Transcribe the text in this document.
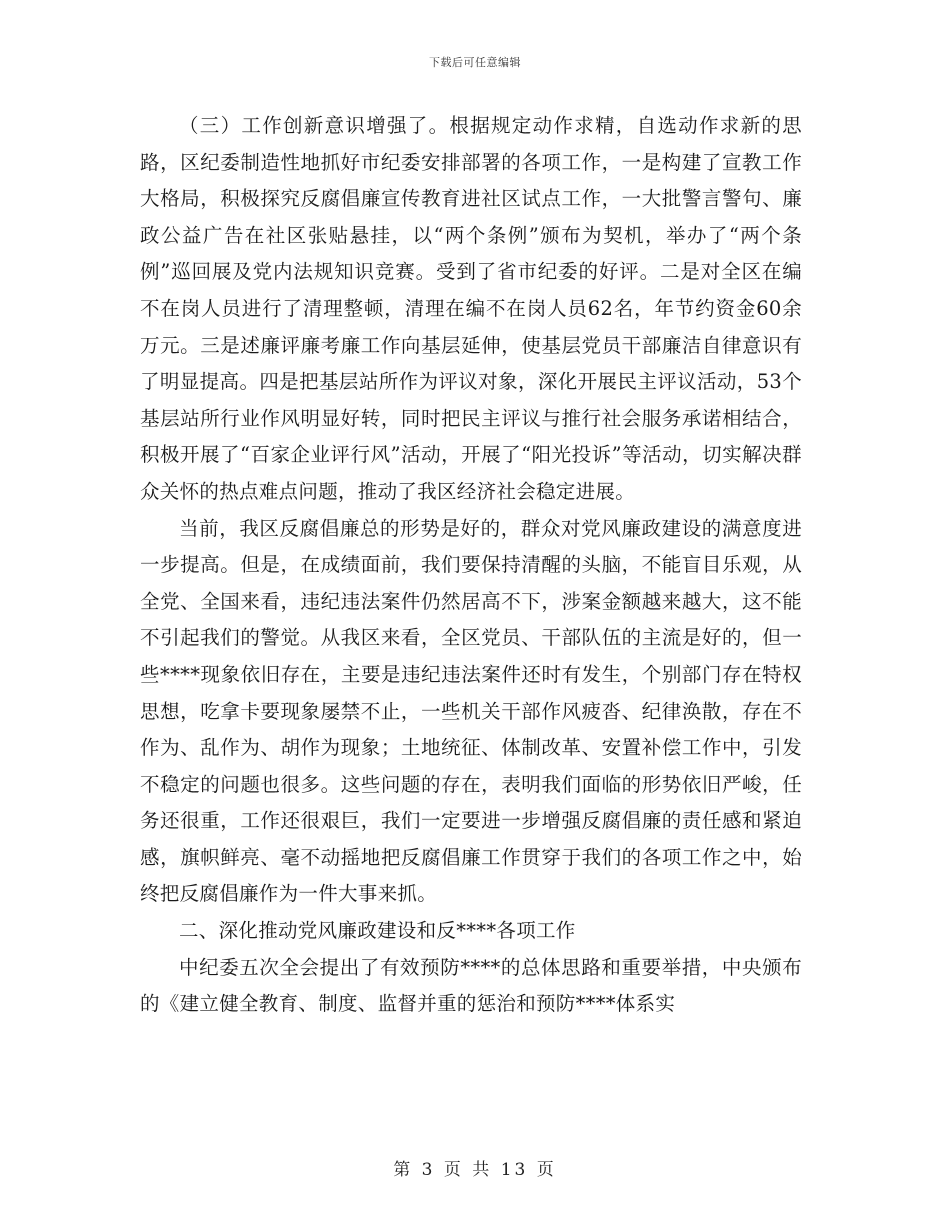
下载后可任意编辑

（三）工作创新意识增强了。根据规定动作求精，自选动作求新的思路，区纪委制造性地抓好市纪委安排部署的各项工作，一是构建了宣教工作大格局，积极探究反腐倡廉宣传教育进社区试点工作，一大批警言警句、廉政公益广告在社区张贴悬挂，以“两个条例”颁布为契机，举办了“两个条例”巡回展及党内法规知识竞赛。受到了省市纪委的好评。二是对全区在编不在岗人员进行了清理整顿，清理在编不在岗人员62名，年节约资金60余万元。三是述廉评廉考廉工作向基层延伸，使基层党员干部廉洁自律意识有了明显提高。四是把基层站所作为评议对象，深化开展民主评议活动，53个基层站所行业作风明显好转，同时把民主评议与推行社会服务承诺相结合，积极开展了“百家企业评行风”活动，开展了“阳光投诉”等活动，切实解决群众关怀的热点难点问题，推动了我区经济社会稳定进展。

当前，我区反腐倡廉总的形势是好的，群众对党风廉政建设的满意度进一步提高。但是，在成绩面前，我们要保持清醒的头脑，不能盲目乐观，从全党、全国来看，违纪违法案件仍然居高不下，涉案金额越来越大，这不能不引起我们的警觉。从我区来看，全区党员、干部队伍的主流是好的，但一些****现象依旧存在，主要是违纪违法案件还时有发生，个别部门存在特权思想，吃拿卡要现象屡禁不止，一些机关干部作风疲沓、纪律涣散，存在不作为、乱作为、胡作为现象；土地统征、体制改革、安置补偿工作中，引发不稳定的问题也很多。这些问题的存在，表明我们面临的形势依旧严峻，任务还很重，工作还很艰巨，我们一定要进一步增强反腐倡廉的责任感和紧迫感，旗帜鲜亮、毫不动摇地把反腐倡廉工作贯穿于我们的各项工作之中，始终把反腐倡廉作为一件大事来抓。

二、深化推动党风廉政建设和反****各项工作

中纪委五次全会提出了有效预防****的总体思路和重要举措，中央颁布的《建立健全教育、制度、监督并重的惩治和预防****体系实

第 3 页 共 13 页
